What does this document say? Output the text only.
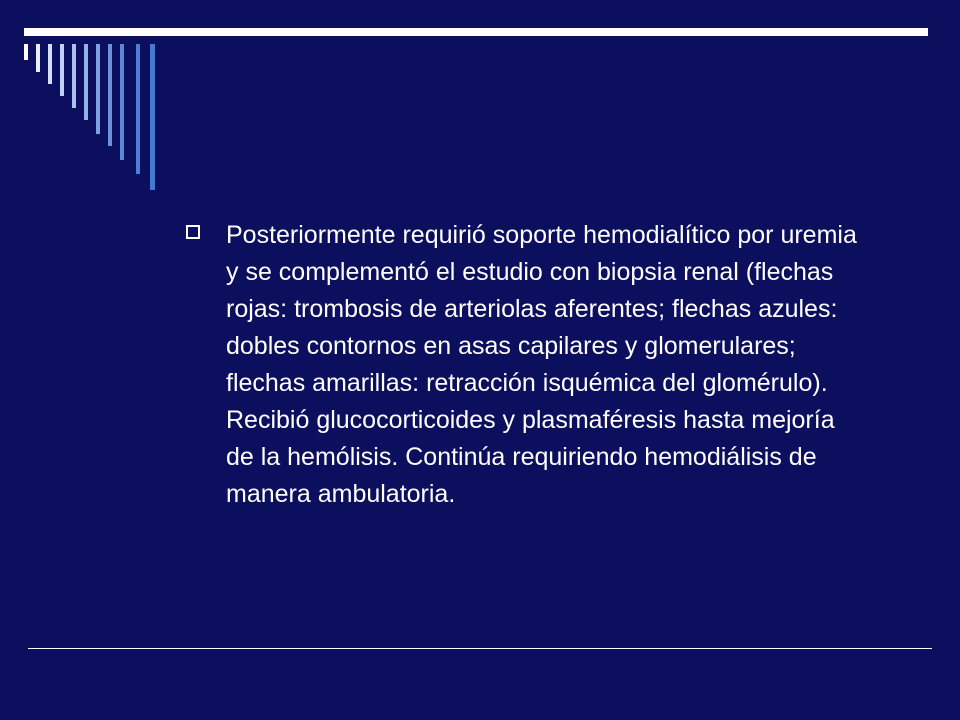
Posteriormente requirió soporte hemodialítico por uremia y se complementó el estudio con biopsia renal (flechas rojas: trombosis de arteriolas aferentes; flechas azules: dobles contornos en asas capilares y glomerulares; flechas amarillas: retracción isquémica del glomérulo). Recibió glucocorticoides y plasmaféresis hasta mejoría de la hemólisis. Continúa requiriendo hemodiálisis de manera ambulatoria.
